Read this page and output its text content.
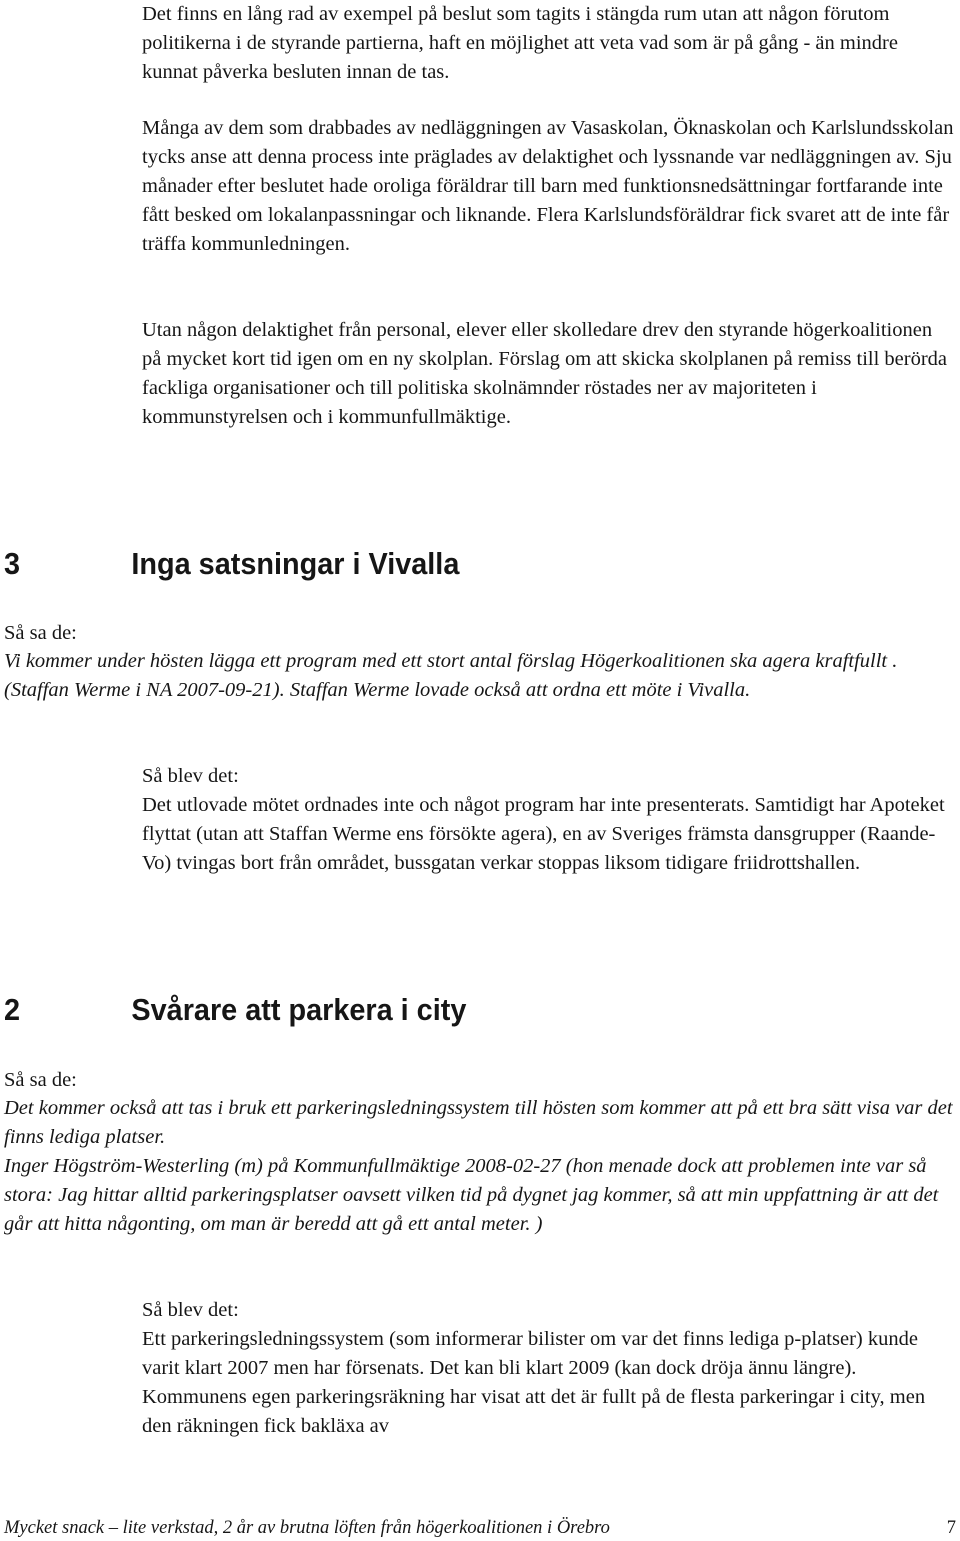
Det finns en lång rad av exempel på beslut som tagits i stängda rum utan att någon förutom politikerna i de styrande partierna, haft en möjlighet att veta vad som är på gång - än mindre kunnat påverka besluten innan de tas.

Många av dem som drabbades av nedläggningen av Vasaskolan, Öknaskolan och Karlslundsskolan tycks anse att denna process inte präglades av delaktighet och lyssnande var nedläggningen av. Sju månader efter beslutet hade oroliga föräldrar till barn med funktionsnedsättningar fortfarande inte fått besked om lokalanpassningar och liknande. Flera Karlslundsföräldrar fick svaret att de inte får träffa kommunledningen.

Utan någon delaktighet från personal, elever eller skolledare drev den styrande högerkoalitionen på mycket kort tid igen om en ny skolplan. Förslag om att skicka skolplanen på remiss till berörda fackliga organisationer och till politiska skolnämnder röstades ner av majoriteten i kommunstyrelsen och i kommunfullmäktige.

3	Inga satsningar i Vivalla
Så sa de:
Vi kommer under hösten lägga ett program med ett stort antal förslag Högerkoalitionen ska agera kraftfullt .
(Staffan Werme i NA 2007-09-21). Staffan Werme lovade också att ordna ett möte i Vivalla.
Så blev det:
Det utlovade mötet ordnades inte och något program har inte presenterats. Samtidigt har Apoteket flyttat (utan att Staffan Werme ens försökte agera), en av Sveriges främsta dansgrupper (Raande-Vo) tvingas bort från området, bussgatan verkar stoppas liksom tidigare friidrottshallen.
2	Svårare att parkera i city
Så sa de:
Det kommer också att tas i bruk ett parkeringsledningssystem till hösten som kommer att på ett bra sätt visa var det finns lediga platser.
Inger Högström-Westerling (m) på Kommunfullmäktige 2008-02-27 (hon menade dock att problemen inte var så stora: Jag hittar alltid parkeringsplatser oavsett vilken tid på dygnet jag kommer, så att min uppfattning är att det går att hitta någonting, om man är beredd att gå ett antal meter. )
Så blev det:
Ett parkeringsledningssystem (som informerar bilister om var det finns lediga p-platser) kunde varit klart 2007 men har försenats. Det kan bli klart 2009 (kan dock dröja ännu längre). Kommunens egen parkeringsräkning har visat att det är fullt på de flesta parkeringar i city, men den räkningen fick bakläxa av
Mycket snack – lite verkstad, 2 år av brutna löften från högerkoalitionen i Örebro	7
